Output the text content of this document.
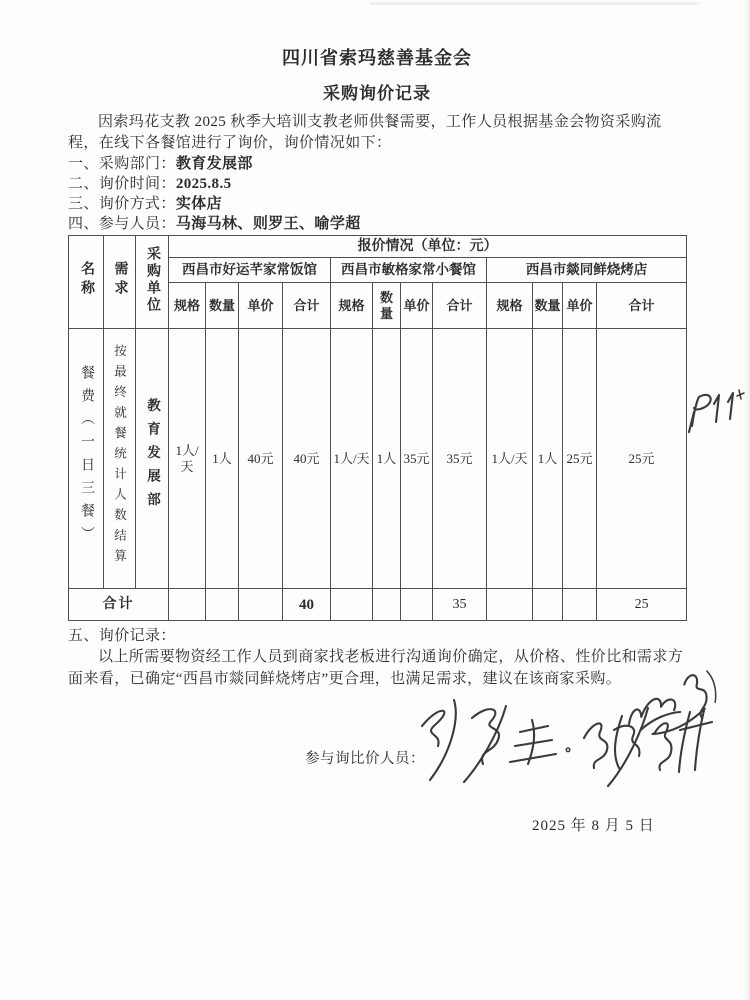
四川省索玛慈善基金会
采购询价记录

因索玛花支教 2025 秋季大培训支教老师供餐需要，工作人员根据基金会物资采购流程，在线下各餐馆进行了询价，询价情况如下：

一、采购部门：教育发展部
二、询价时间：2025.8.5
三、询价方式：实体店
四、参与人员：马海马林、则罗王、喻学超
名称	需求	采购单位	报价情况（单位：元）											
			西昌市好运芊家常饭馆				西昌市敏格家常小餐馆				西昌市燚同鲜烧烤店			
			规格	数量	单价	合计	规格	数量	单价	合计	规格	数量	单价	合计
餐费（一日三餐）	按最终就餐统计人数结算	教育发展部	1人/天	1人	40元	40元	1人/天	1人	35元	35元	1人/天	1人	25元	25元
合计						40				35				25
五、询价记录：

以上所需要物资经工作人员到商家找老板进行沟通询价确定，从价格、性价比和需求方面来看，已确定“西昌市燚同鲜烧烤店”更合理，也满足需求，建议在该商家采购。

参与询比价人员：
2025 年 8 月 5 日
